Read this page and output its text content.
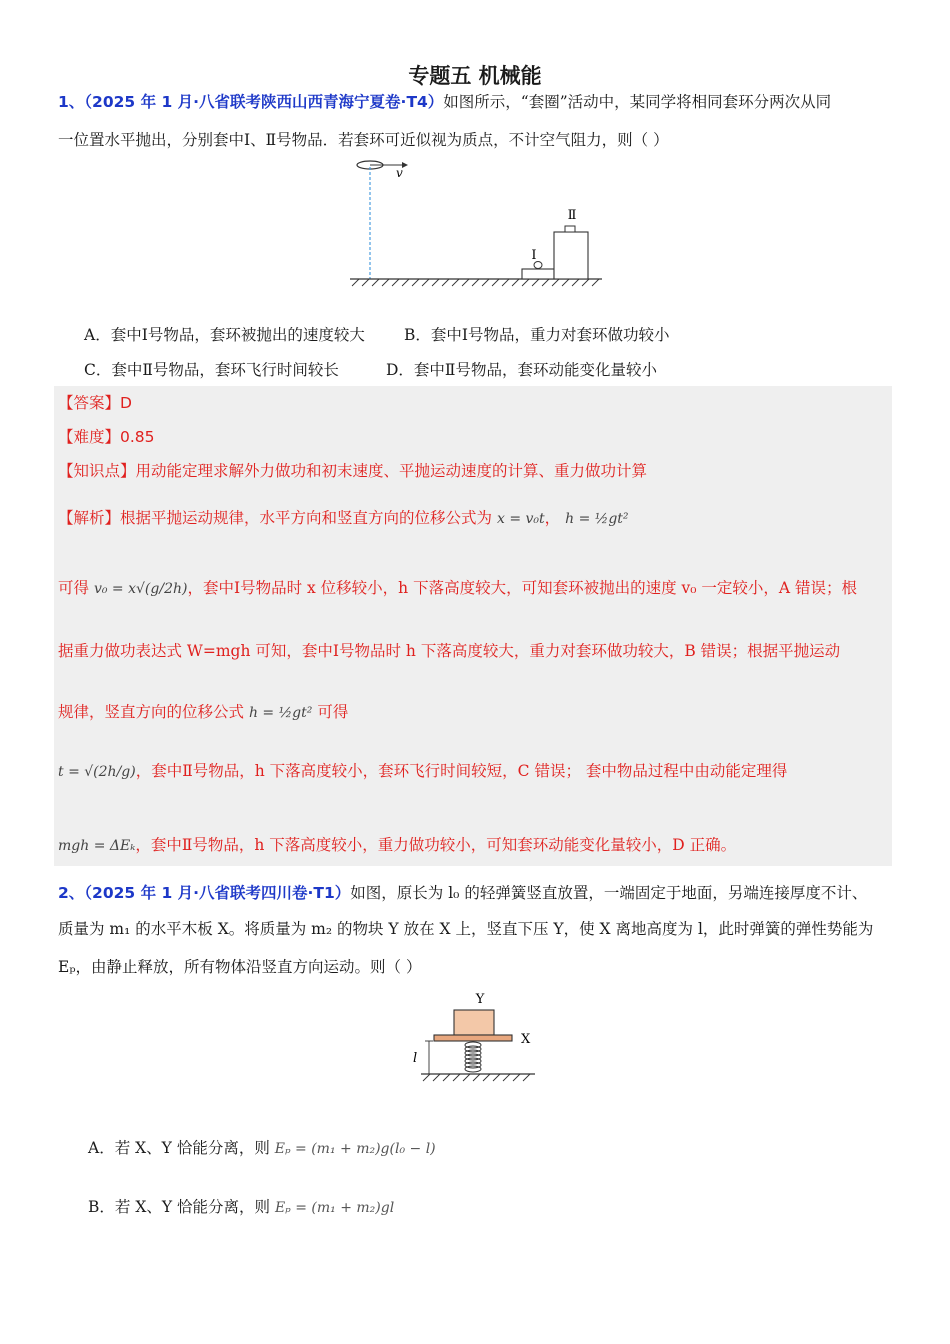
专题五 机械能
1、（2025 年 1 月·八省联考陕西山西青海宁夏卷·T4）如图所示，“套圈”活动中，某同学将相同套环分两次从同
一位置水平抛出，分别套中Ⅰ、Ⅱ号物品．若套环可近似视为质点，不计空气阻力，则（ ）
v
Ⅰ
Ⅱ
A．套中Ⅰ号物品，套环被抛出的速度较大	B．套中Ⅰ号物品，重力对套环做功较小
C．套中Ⅱ号物品，套环飞行时间较长	D．套中Ⅱ号物品，套环动能变化量较小
【答案】D
【难度】0.85
【知识点】用动能定理求解外力做功和初末速度、平抛运动速度的计算、重力做功计算
【解析】根据平抛运动规律，水平方向和竖直方向的位移公式为 x = v₀t， h = ½gt²
可得 v₀ = x√(g/2h)，套中Ⅰ号物品时 x 位移较小，h 下落高度较大，可知套环被抛出的速度 v₀ 一定较小，A 错误；根
据重力做功表达式 W=mgh 可知，套中Ⅰ号物品时 h 下落高度较大，重力对套环做功较大，B 错误；根据平抛运动
规律，竖直方向的位移公式 h = ½gt² 可得
t = √(2h/g)，套中Ⅱ号物品，h 下落高度较小，套环飞行时间较短，C 错误； 套中物品过程中由动能定理得
mgh = ΔEₖ，套中Ⅱ号物品，h 下落高度较小，重力做功较小，可知套环动能变化量较小，D 正确。
2、（2025 年 1 月·八省联考四川卷·T1）如图，原长为 l₀ 的轻弹簧竖直放置，一端固定于地面，另端连接厚度不计、
质量为 m₁ 的水平木板 X。将质量为 m₂ 的物块 Y 放在 X 上，竖直下压 Y，使 X 离地高度为 l，此时弹簧的弹性势能为
Eₚ，由静止释放，所有物体沿竖直方向运动。则（ ）
Y
X
l
A．若 X、Y 恰能分离，则 Eₚ = (m₁ + m₂)g(l₀ − l)
B．若 X、Y 恰能分离，则 Eₚ = (m₁ + m₂)gl
